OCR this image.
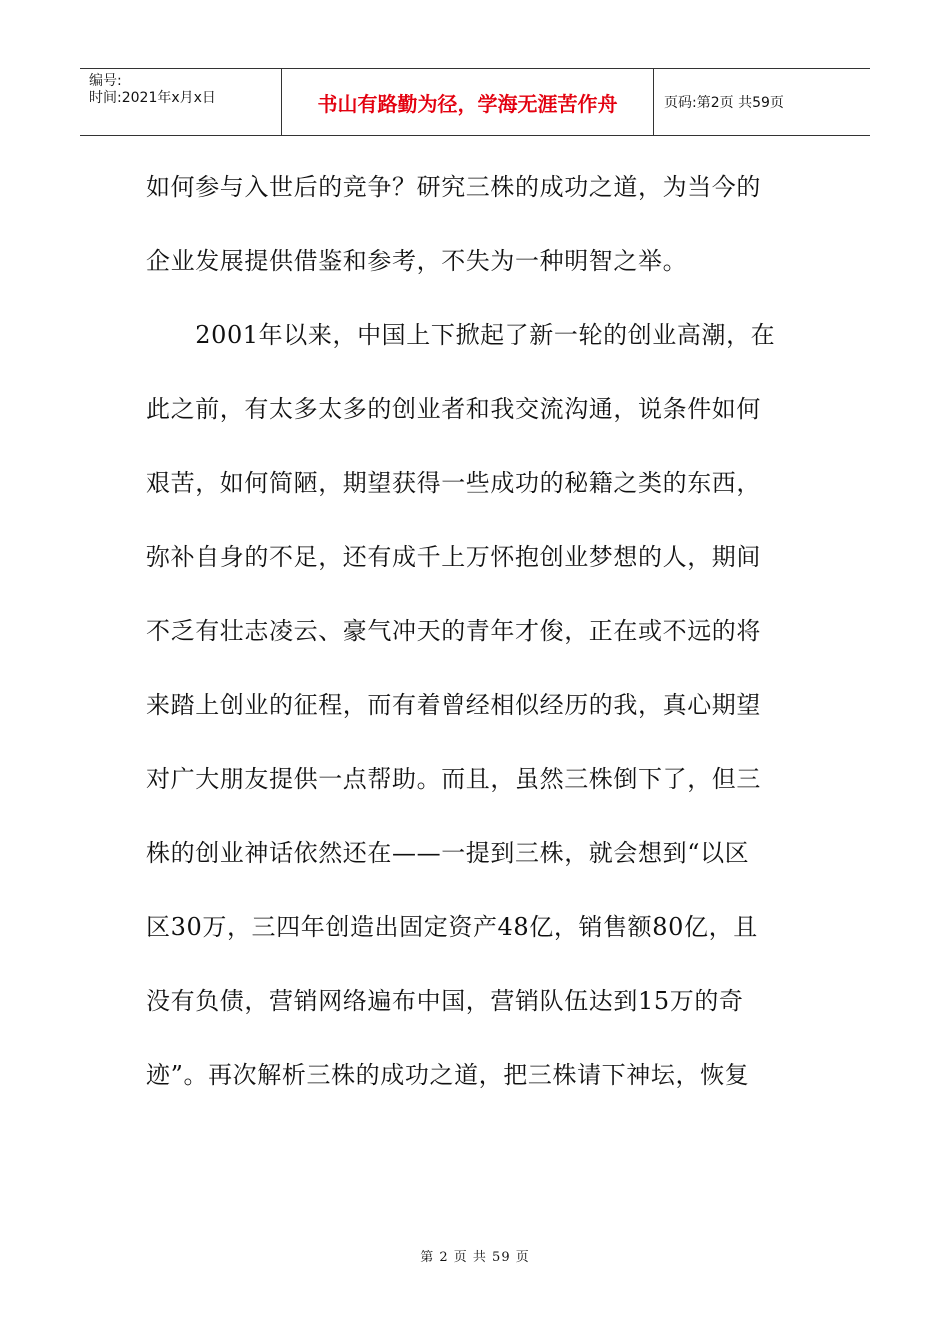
编号:
时间:2021年x月x日	书山有路勤为径，学海无涯苦作舟	页码:第2页 共59页
如何参与入世后的竞争？研究三株的成功之道，为当今的
企业发展提供借鉴和参考，不失为一种明智之举。
　　2001年以来，中国上下掀起了新一轮的创业高潮，在
此之前，有太多太多的创业者和我交流沟通，说条件如何
艰苦，如何简陋，期望获得一些成功的秘籍之类的东西，
弥补自身的不足，还有成千上万怀抱创业梦想的人，期间
不乏有壮志凌云、豪气冲天的青年才俊，正在或不远的将
来踏上创业的征程，而有着曾经相似经历的我，真心期望
对广大朋友提供一点帮助。而且，虽然三株倒下了，但三
株的创业神话依然还在——一提到三株，就会想到“以区
区30万，三四年创造出固定资产48亿，销售额80亿，且
没有负债，营销网络遍布中国，营销队伍达到15万的奇
迹”。再次解析三株的成功之道，把三株请下神坛，恢复
第 2 页 共 59 页
